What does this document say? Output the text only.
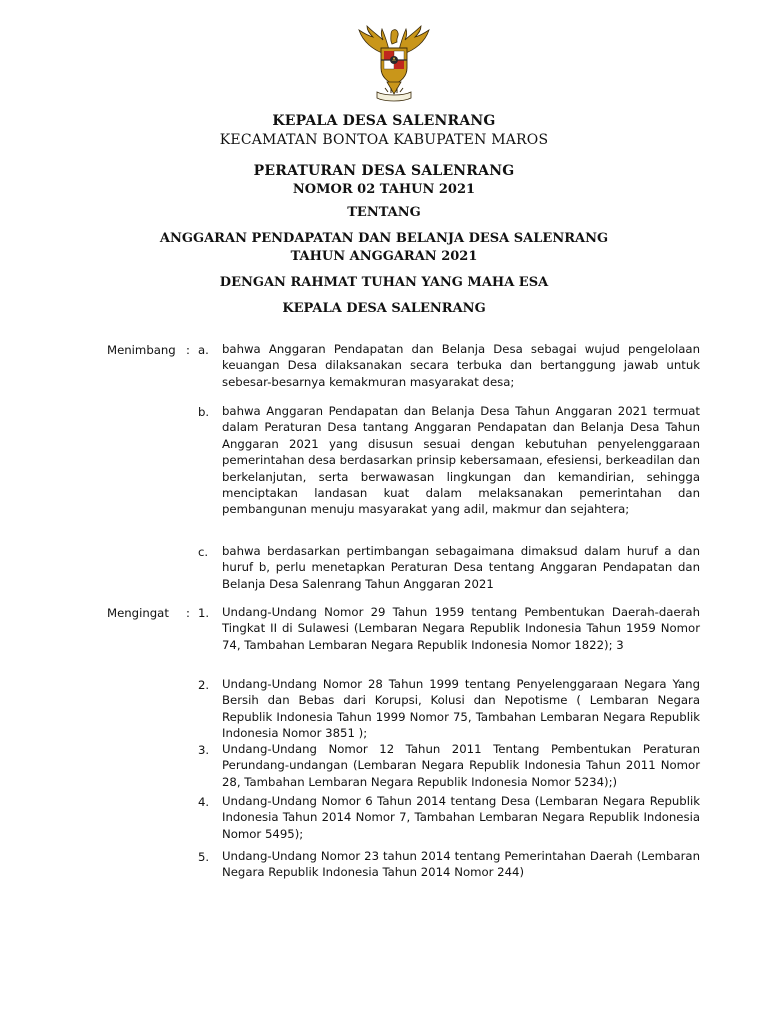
KEPALA DESA SALENRANG
KECAMATAN BONTOA KABUPATEN MAROS
PERATURAN DESA SALENRANG
NOMOR 02 TAHUN 2021
TENTANG
ANGGARAN PENDAPATAN DAN BELANJA DESA SALENRANG
TAHUN ANGGARAN 2021
DENGAN RAHMAT TUHAN YANG MAHA ESA
KEPALA DESA SALENRANG
Menimbang : a. bahwa Anggaran Pendapatan dan Belanja Desa sebagai wujud pengelolaan keuangan Desa dilaksanakan secara terbuka dan bertanggung jawab untuk sebesar-besarnya kemakmuran masyarakat desa;
b. bahwa Anggaran Pendapatan dan Belanja Desa Tahun Anggaran 2021 termuat dalam Peraturan Desa tantang Anggaran Pendapatan dan Belanja Desa Tahun Anggaran 2021 yang disusun sesuai dengan kebutuhan penyelenggaraan pemerintahan desa berdasarkan prinsip kebersamaan, efesiensi, berkeadilan dan berkelanjutan, serta berwawasan lingkungan dan kemandirian, sehingga menciptakan landasan kuat dalam melaksanakan pemerintahan dan pembangunan menuju masyarakat yang adil, makmur dan sejahtera;
c. bahwa berdasarkan pertimbangan sebagaimana dimaksud dalam huruf a dan huruf b, perlu menetapkan Peraturan Desa tentang Anggaran Pendapatan dan Belanja Desa Salenrang Tahun Anggaran 2021
Mengingat : 1. Undang-Undang Nomor 29 Tahun 1959 tentang Pembentukan Daerah-daerah Tingkat II di Sulawesi (Lembaran Negara Republik Indonesia Tahun 1959 Nomor 74, Tambahan Lembaran Negara Republik Indonesia Nomor 1822); 3
2. Undang-Undang Nomor 28 Tahun 1999 tentang Penyelenggaraan Negara Yang Bersih dan Bebas dari Korupsi, Kolusi dan Nepotisme ( Lembaran Negara Republik Indonesia Tahun 1999 Nomor 75, Tambahan Lembaran Negara Republik Indonesia Nomor 3851 );
3. Undang-Undang Nomor 12 Tahun 2011 Tentang Pembentukan Peraturan Perundang-undangan (Lembaran Negara Republik Indonesia Tahun 2011 Nomor 28, Tambahan Lembaran Negara Republik Indonesia Nomor 5234);)
4. Undang-Undang Nomor 6 Tahun 2014 tentang Desa (Lembaran Negara Republik Indonesia Tahun 2014 Nomor 7, Tambahan Lembaran Negara Republik Indonesia Nomor 5495);
5. Undang-Undang Nomor 23 tahun 2014 tentang Pemerintahan Daerah (Lembaran Negara Republik Indonesia Tahun 2014 Nomor 244)
